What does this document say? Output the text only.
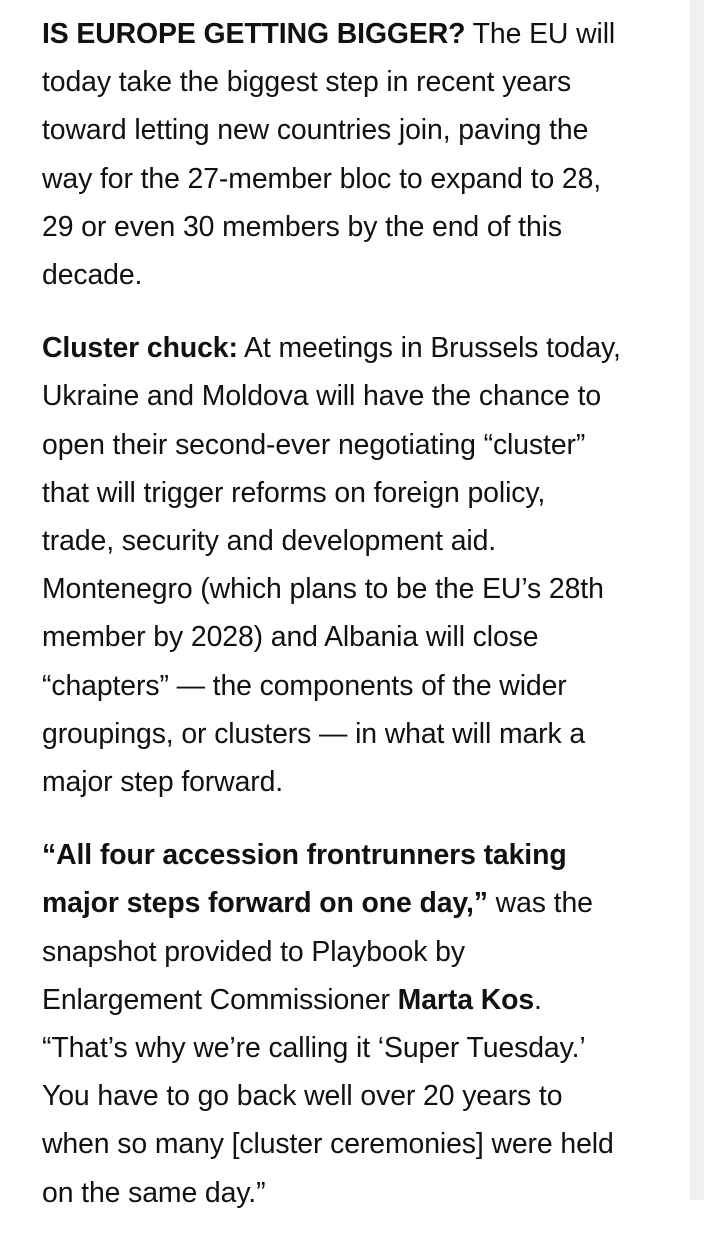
IS EUROPE GETTING BIGGER? The EU will
today take the biggest step in recent years
toward letting new countries join, paving the
way for the 27-member bloc to expand to 28,
29 or even 30 members by the end of this
decade.

Cluster chuck: At meetings in Brussels today,
Ukraine and Moldova will have the chance to
open their second-ever negotiating “cluster”
that will trigger reforms on foreign policy,
trade, security and development aid.
Montenegro (which plans to be the EU’s 28th
member by 2028) and Albania will close
“chapters” — the components of the wider
groupings, or clusters — in what will mark a
major step forward.

“All four accession frontrunners taking
major steps forward on one day,” was the
snapshot provided to Playbook by
Enlargement Commissioner Marta Kos.
“That’s why we’re calling it ‘Super Tuesday.’
You have to go back well over 20 years to
when so many [cluster ceremonies] were held
on the same day.”
